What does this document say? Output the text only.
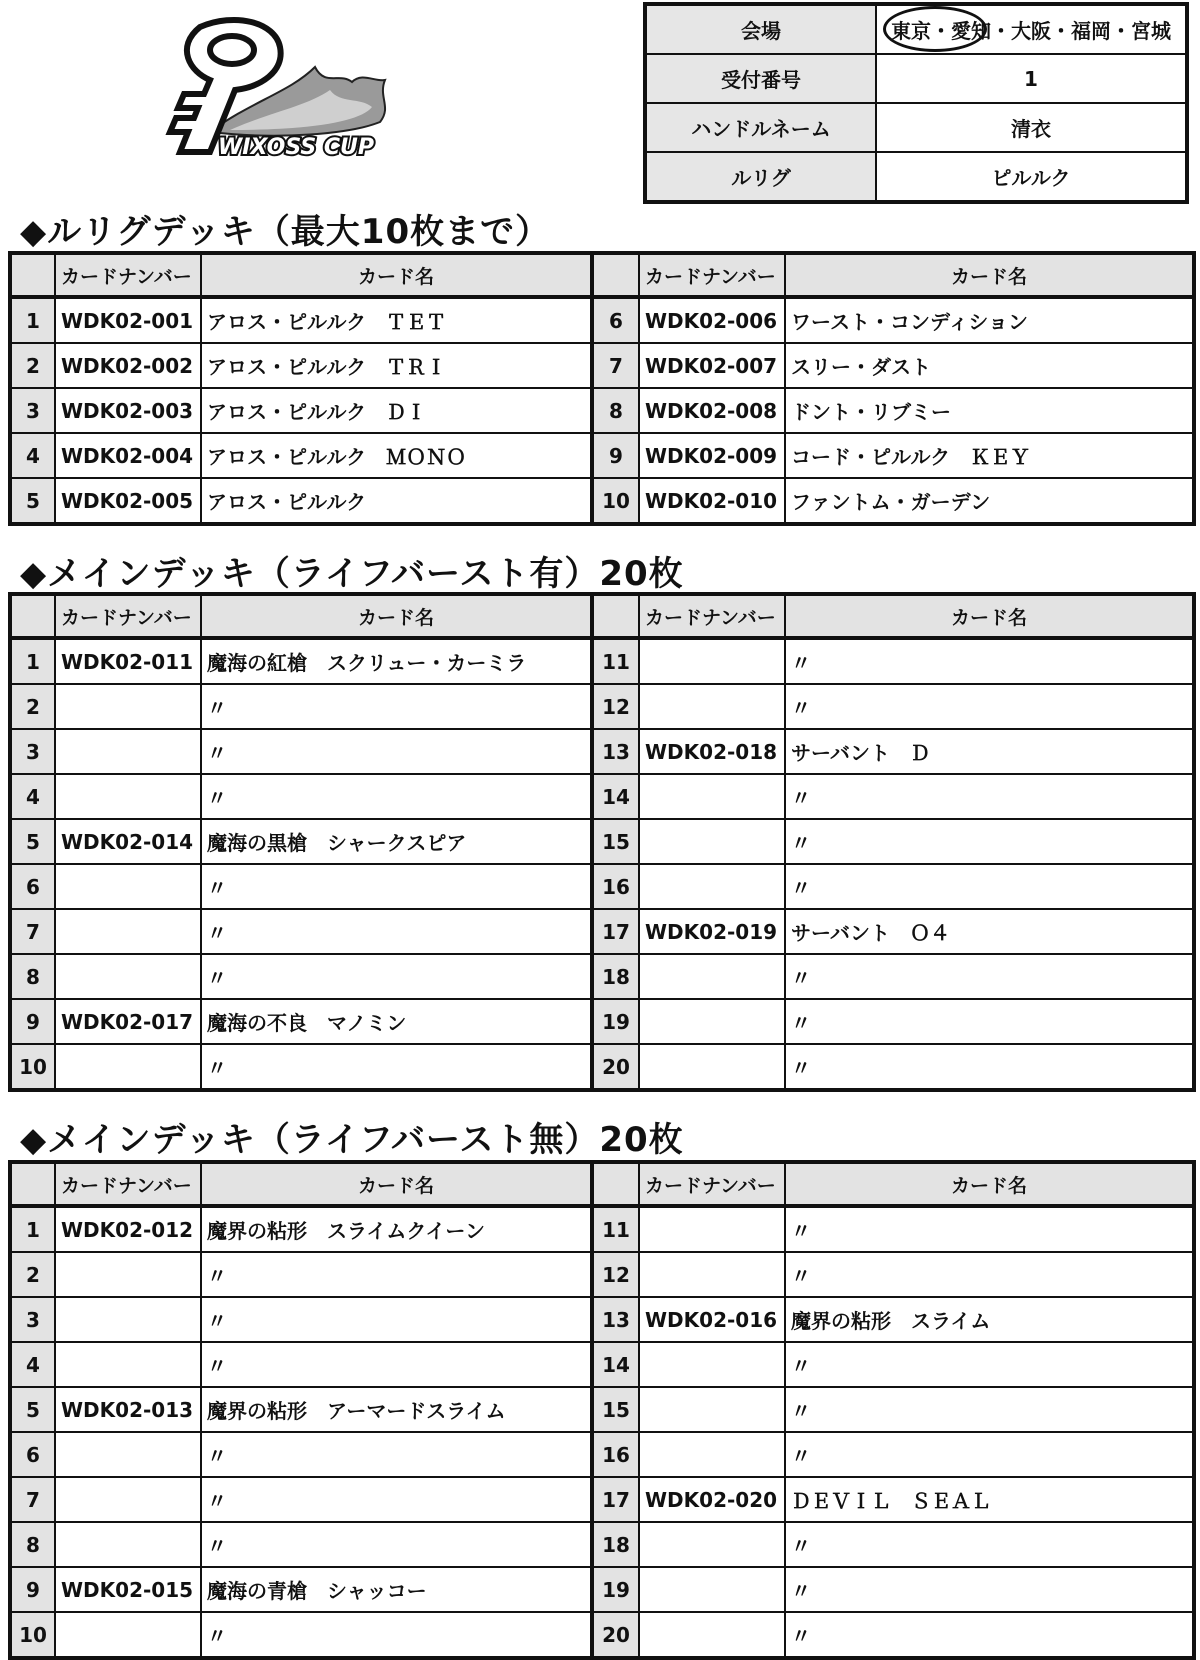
WIXOSS CUP
会場	東京・愛知・大阪・福岡・宮城
受付番号	1
ハンドルネーム	清衣
ルリグ	ピルルク
◆ルリグデッキ（最大10枚まで）
◆メインデッキ（ライフバースト有）20枚
◆メインデッキ（ライフバースト無）20枚
	カードナンバー	カード名		カードナンバー	カード名
1	WDK02-001	アロス・ピルルク　ＴＥＴ	6	WDK02-006	ワースト・コンディション
2	WDK02-002	アロス・ピルルク　ＴＲＩ	7	WDK02-007	スリー・ダスト
3	WDK02-003	アロス・ピルルク　ＤＩ	8	WDK02-008	ドント・リブミー
4	WDK02-004	アロス・ピルルク　ＭＯＮＯ	9	WDK02-009	コード・ピルルク　ＫＥＹ
5	WDK02-005	アロス・ピルルク	10	WDK02-010	ファントム・ガーデン
	カードナンバー	カード名		カードナンバー	カード名
1	WDK02-011	魔海の紅槍　スクリュー・カーミラ	11		〃
2		〃	12		〃
3		〃	13	WDK02-018	サーバント　Ｄ
4		〃	14		〃
5	WDK02-014	魔海の黒槍　シャークスピア	15		〃
6		〃	16		〃
7		〃	17	WDK02-019	サーバント　Ｏ４
8		〃	18		〃
9	WDK02-017	魔海の不良　マノミン	19		〃
10		〃	20		〃
	カードナンバー	カード名		カードナンバー	カード名
1	WDK02-012	魔界の粘形　スライムクイーン	11		〃
2		〃	12		〃
3		〃	13	WDK02-016	魔界の粘形　スライム
4		〃	14		〃
5	WDK02-013	魔界の粘形　アーマードスライム	15		〃
6		〃	16		〃
7		〃	17	WDK02-020	ＤＥＶＩＬ　ＳＥＡＬ
8		〃	18		〃
9	WDK02-015	魔海の青槍　シャッコー	19		〃
10		〃	20		〃
